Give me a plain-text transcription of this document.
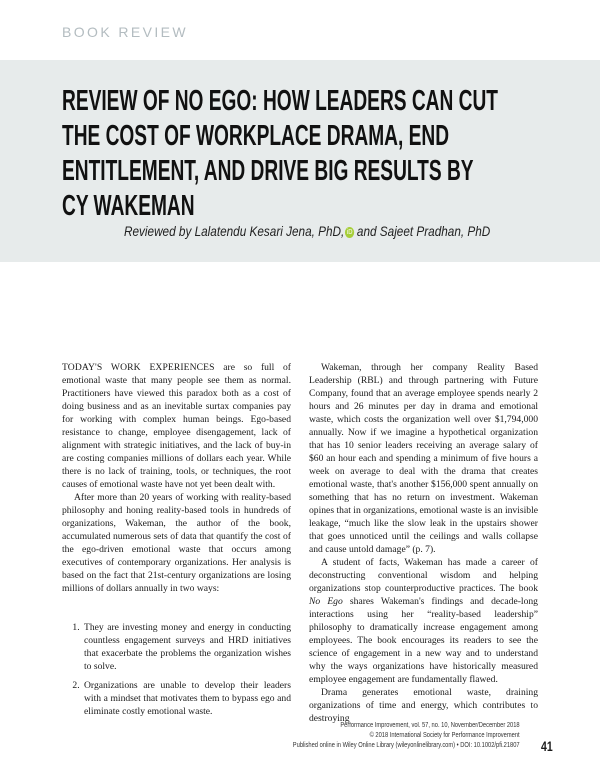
BOOK REVIEW
REVIEW OF NO EGO: HOW LEADERS CAN CUT
THE COST OF WORKPLACE DRAMA, END
ENTITLEMENT, AND DRIVE BIG RESULTS BY
CY WAKEMAN
Reviewed by Lalatendu Kesari Jena, PhD, iD and Sajeet Pradhan, PhD

TODAY'S WORK EXPERIENCES are so full of emotional waste that many people see them as normal. Practitioners have viewed this paradox both as a cost of doing business and as an inevitable surtax companies pay for working with complex human beings. Ego-based resistance to change, employee disengagement, lack of alignment with strategic initiatives, and the lack of buy-in are costing companies millions of dollars each year. While there is no lack of training, tools, or techniques, the root causes of emotional waste have not yet been dealt with.

After more than 20 years of working with reality-based philosophy and honing reality-based tools in hundreds of organizations, Wakeman, the author of the book, accumulated numerous sets of data that quantify the cost of the ego-driven emotional waste that occurs among executives of contemporary organizations. Her analysis is based on the fact that 21st-century organizations are losing millions of dollars annually in two ways:

1. They are investing money and energy in conducting countless engagement surveys and HRD initiatives that exacerbate the problems the organization wishes to solve.
2. Organizations are unable to develop their leaders with a mindset that motivates them to bypass ego and eliminate costly emotional waste.

Wakeman, through her company Reality Based Leadership (RBL) and through partnering with Future Company, found that an average employee spends nearly 2 hours and 26 minutes per day in drama and emotional waste, which costs the organization well over $1,794,000 annually. Now if we imagine a hypothetical organization that has 10 senior leaders receiving an average salary of $60 an hour each and spending a minimum of five hours a week on average to deal with the drama that creates emotional waste, that's another $156,000 spent annually on something that has no return on investment. Wakeman opines that in organizations, emotional waste is an invisible leakage, “much like the slow leak in the upstairs shower that goes unnoticed until the ceilings and walls collapse and cause untold damage” (p. 7).

A student of facts, Wakeman has made a career of deconstructing conventional wisdom and helping organizations stop counterproductive practices. The book No Ego shares Wakeman's findings and decade-long interactions using her “reality-based leadership” philosophy to dramatically increase engagement among employees. The book encourages its readers to see the science of engagement in a new way and to understand why the ways organizations have historically measured employee engagement are fundamentally flawed.

Drama generates emotional waste, draining organizations of time and energy, which contributes to destroying

Performance Improvement, vol. 57, no. 10, November/December 2018
© 2018 International Society for Performance Improvement
Published online in Wiley Online Library (wileyonlinelibrary.com) • DOI: 10.1002/pfi.21807 41
